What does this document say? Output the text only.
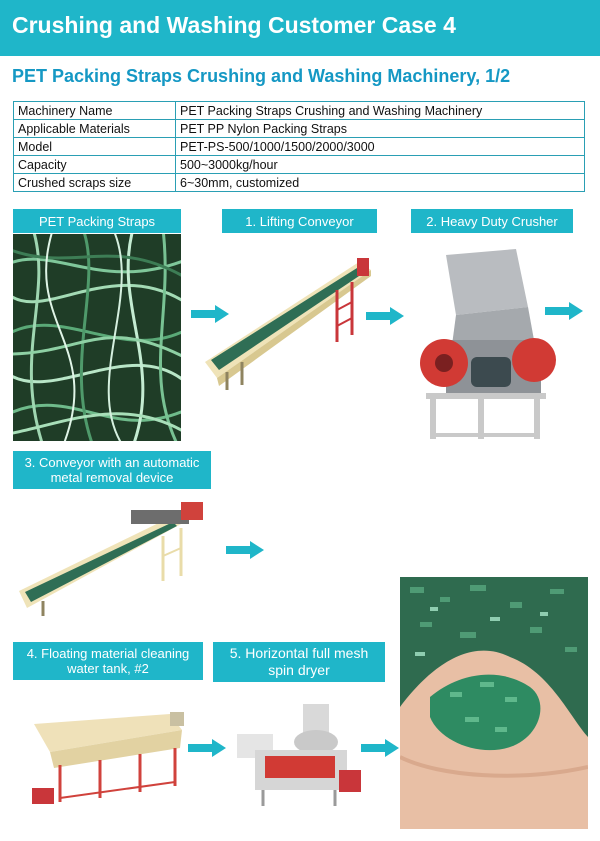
Crushing and Washing Customer Case 4
PET Packing Straps Crushing and Washing Machinery, 1/2
Machinery Name	PET Packing Straps Crushing and Washing Machinery
Applicable Materials	PET PP Nylon Packing Straps
Model	PET-PS-500/1000/1500/2000/3000
Capacity	500~3000kg/hour
Crushed scraps size	6~30mm, customized
PET Packing Straps	1. Lifting Conveyor	2. Heavy Duty Crusher
3. Conveyor with an automatic
metal removal device
4. Floating material cleaning
water tank, #2
5. Horizontal full mesh
spin dryer
